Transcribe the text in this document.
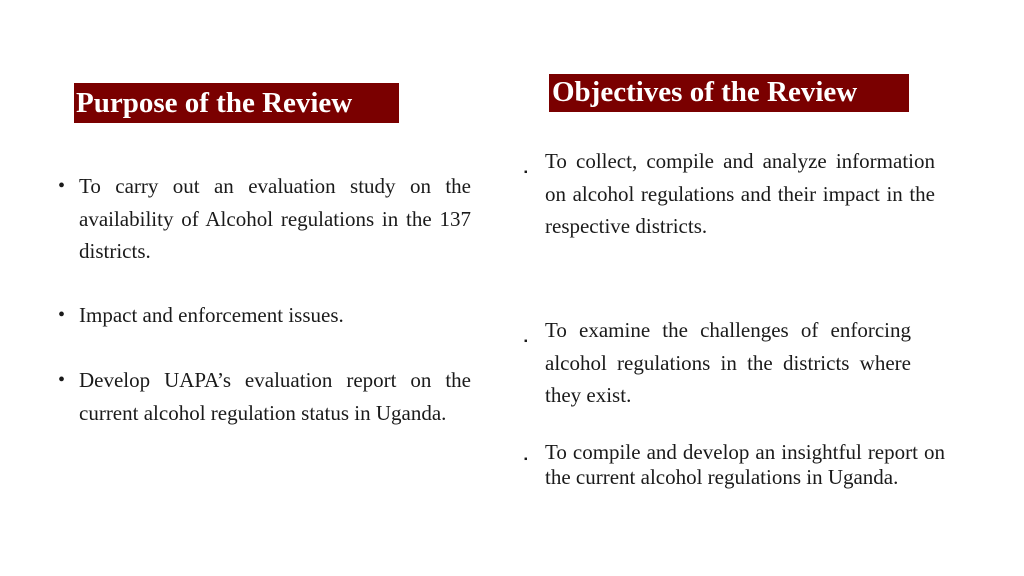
Purpose of the Review	Objectives of the Review
• To carry out an evaluation study on the availability of Alcohol regulations in the 137 districts.
• Impact and enforcement issues.
• Develop UAPA’s evaluation report on the current alcohol regulation status in Uganda.
▪ To collect, compile and analyze information on alcohol regulations and their impact in the respective districts.
▪ To examine the challenges of enforcing alcohol regulations in the districts where they exist.
▪ To compile and develop an insightful report on the current alcohol regulations in Uganda.
